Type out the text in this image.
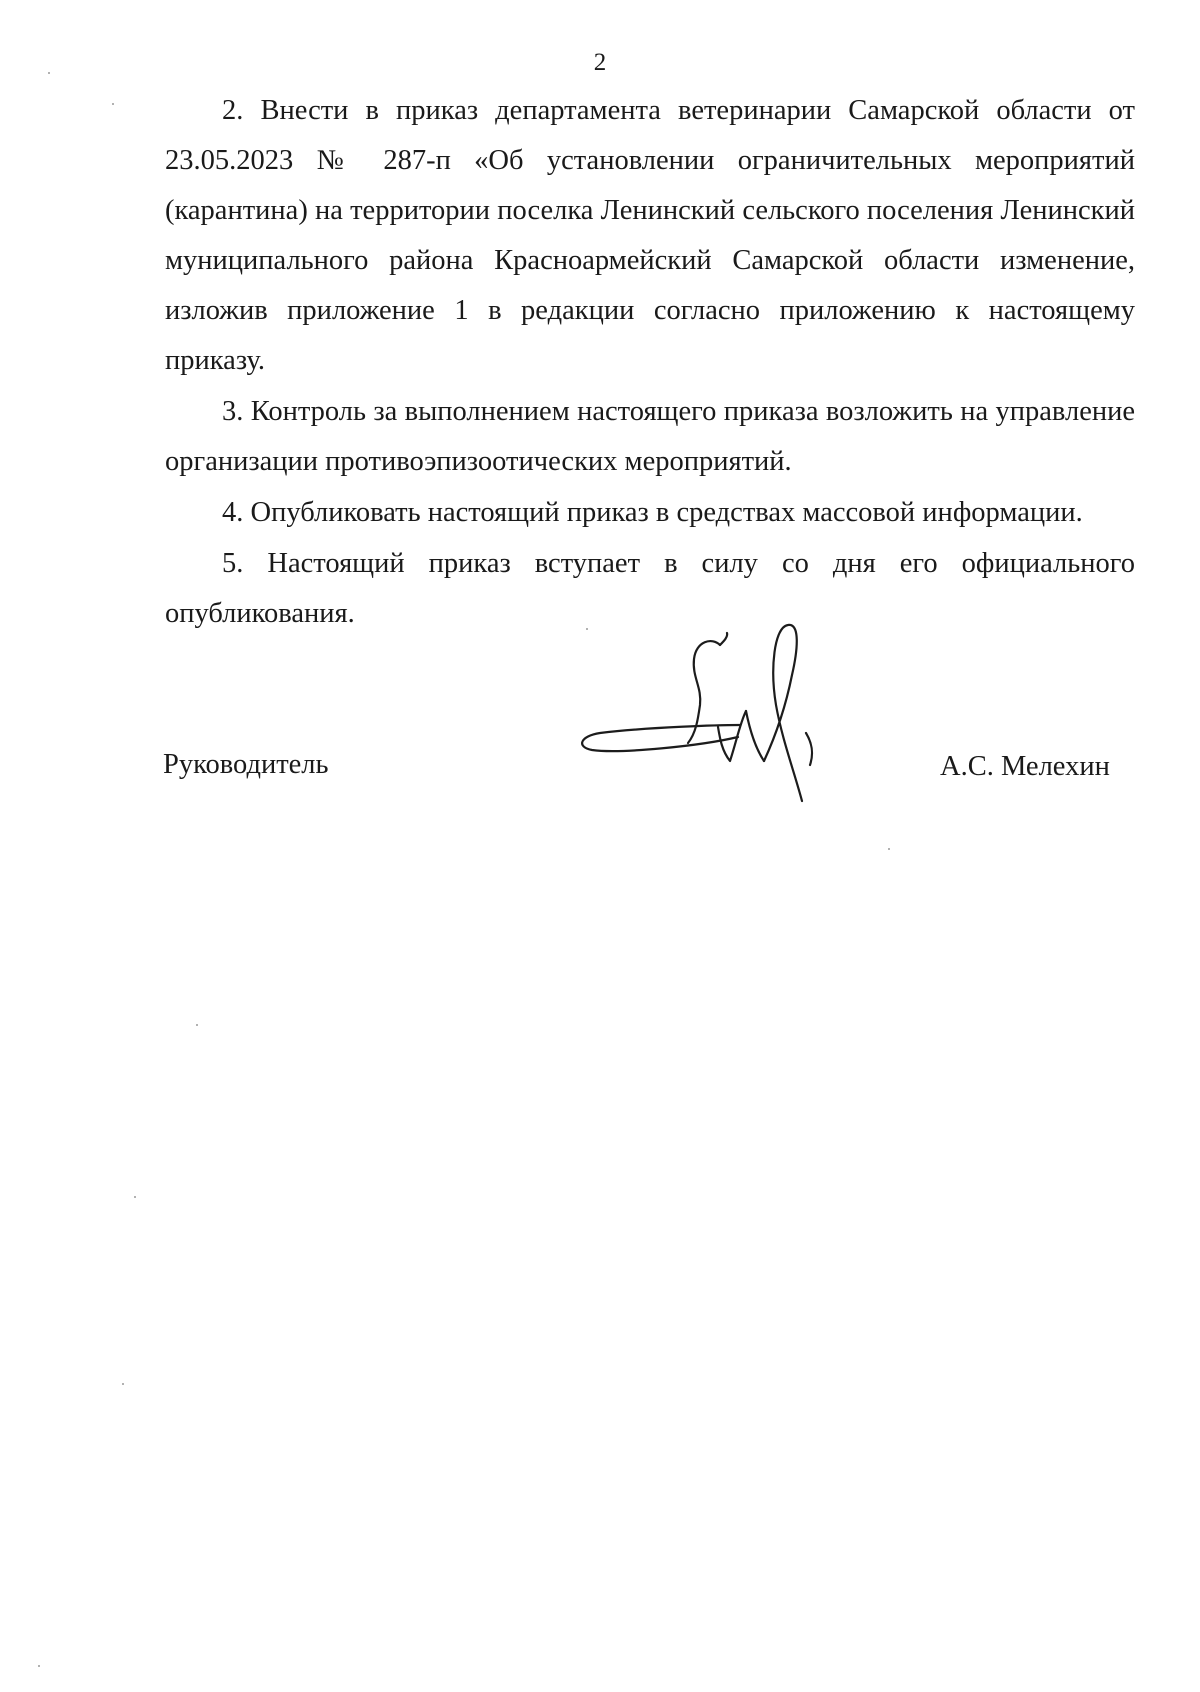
2

2. Внести в приказ департамента ветеринарии Самарской области от 23.05.2023 № 287-п «Об установлении ограничительных мероприятий (карантина) на территории поселка Ленинский сельского поселения Ленинский муниципального района Красноармейский Самарской области изменение, изложив приложение 1 в редакции согласно приложению к настоящему приказу.

3. Контроль за выполнением настоящего приказа возложить на управление организации противоэпизоотических мероприятий.

4. Опубликовать настоящий приказ в средствах массовой информации.

5. Настоящий приказ вступает в силу со дня его официального опубликования.

Руководитель	А.С. Мелехин
